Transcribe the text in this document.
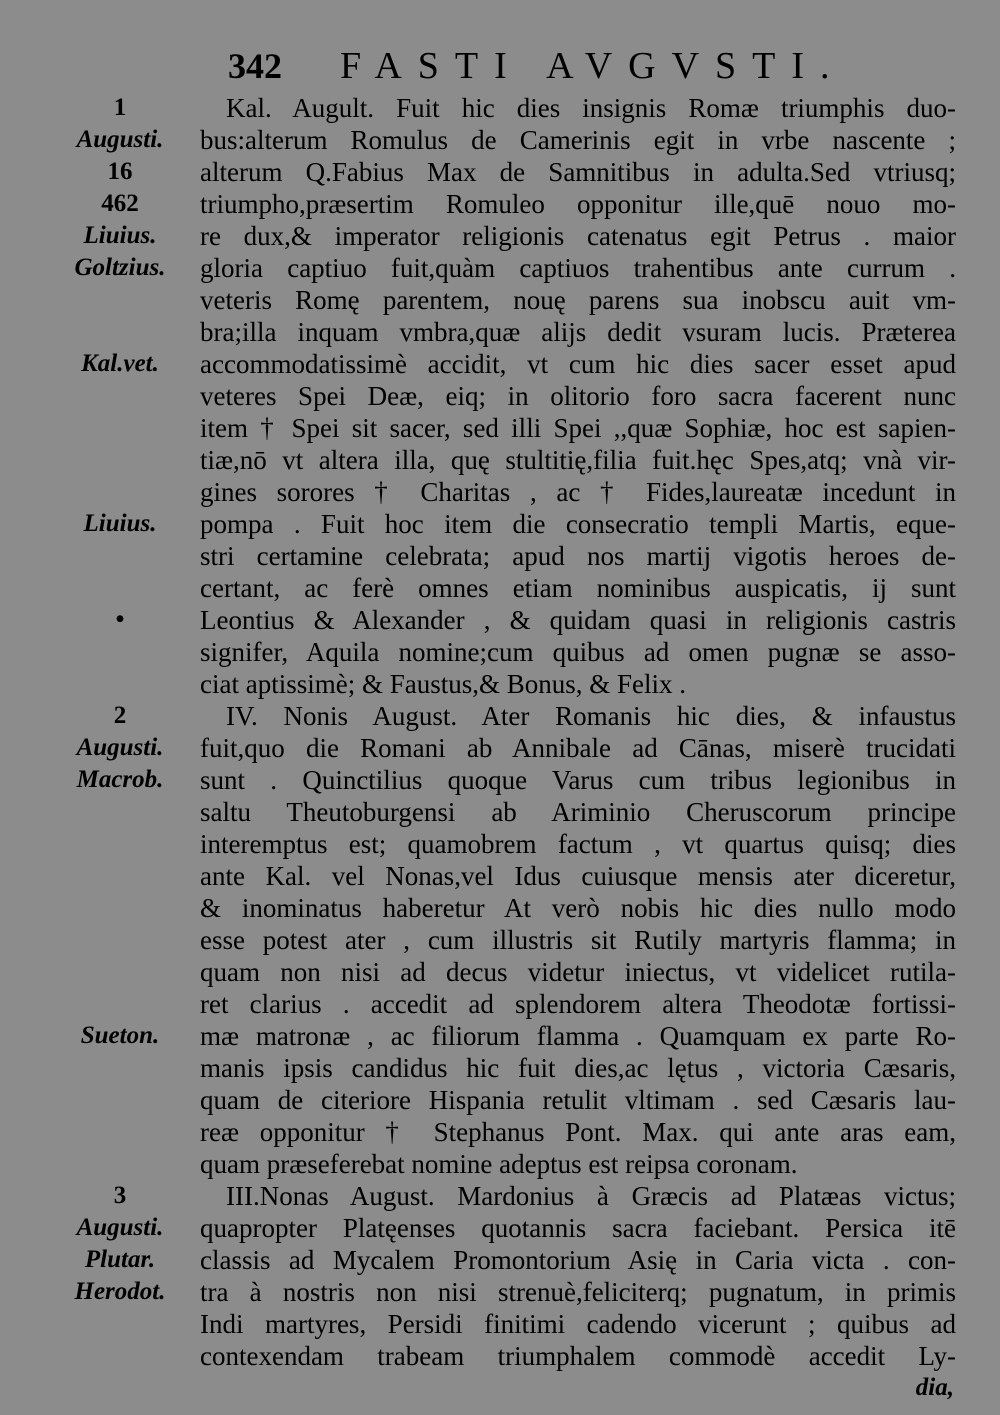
342 FASTI AVGVSTI.
1	Kal. Augult. Fuit hic dies insignis Romæ triumphis duo-
Augusti.	bus:alterum Romulus de Camerinis egit in vrbe nascente ;
16	alterum Q.Fabius Max de Samnitibus in adulta.Sed vtriusq;
462	triumpho,præsertim Romuleo opponitur ille,quē nouo mo-
Liuius.	re dux,& imperator religionis catenatus egit Petrus . maior
Goltzius.	gloria captiuo fuit,quàm captiuos trahentibus ante currum .
veteris Romę parentem, nouę parens sua inobscu auit vm-
bra;illa inquam vmbra,quæ alijs dedit vsuram lucis. Præterea
Kal.vet.	accommodatissimè accidit, vt cum hic dies sacer esset apud
veteres Spei Deæ, eiq; in olitorio foro sacra facerent nunc
item † Spei sit sacer, sed illi Spei ,,quæ Sophiæ, hoc est sapien-
tiæ,nō vt altera illa, quę stultitię,filia fuit.hęc Spes,atq; vnà vir-
gines sorores † Charitas , ac † Fides,laureatæ incedunt in
Liuius.	pompa . Fuit hoc item die consecratio templi Martis, eque-
stri certamine celebrata; apud nos martij vigotis heroes de-
certant, ac ferè omnes etiam nominibus auspicatis, ij sunt
•	Leontius & Alexander , & quidam quasi in religionis castris
signifer, Aquila nomine;cum quibus ad omen pugnæ se asso-
ciat aptissimè; & Faustus,& Bonus, & Felix .
2	IV. Nonis August. Ater Romanis hic dies, & infaustus
Augusti.	fuit,quo die Romani ab Annibale ad Cānas, miserè trucidati
Macrob.	sunt . Quinctilius quoque Varus cum tribus legionibus in
saltu Theutoburgensi ab Ariminio Cheruscorum principe
interemptus est; quamobrem factum , vt quartus quisq; dies
ante Kal. vel Nonas,vel Idus cuiusque mensis ater diceretur,
& inominatus haberetur At verò nobis hic dies nullo modo
esse potest ater , cum illustris sit Rutily martyris flamma; in
quam non nisi ad decus videtur iniectus, vt videlicet rutila-
ret clarius . accedit ad splendorem altera Theodotæ fortissi-
Sueton.	mæ matronæ , ac filiorum flamma . Quamquam ex parte Ro-
manis ipsis candidus hic fuit dies,ac lętus , victoria Cæsaris,
quam de citeriore Hispania retulit vltimam . sed Cæsaris lau-
reæ opponitur † Stephanus Pont. Max. qui ante aras eam,
quam præseferebat nomine adeptus est reipsa coronam.
3	III.Nonas August. Mardonius à Græcis ad Platæas victus;
Augusti.	quapropter Platęenses quotannis sacra faciebant. Persica itē
Plutar.	classis ad Mycalem Promontorium Asię in Caria victa . con-
Herodot.	tra à nostris non nisi strenuè,feliciterq; pugnatum, in primis
Indi martyres, Persidi finitimi cadendo vicerunt ; quibus ad
contexendam trabeam triumphalem commodè accedit Ly-
dia,
